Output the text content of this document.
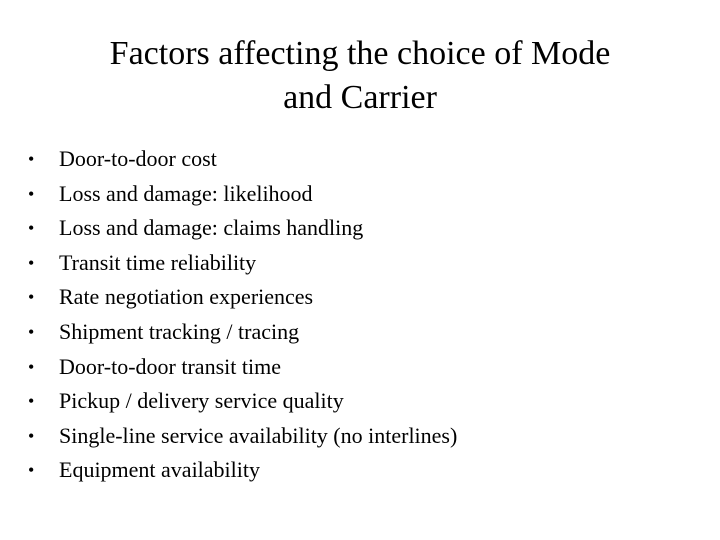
Factors affecting the choice of Mode
and Carrier
•	Door-to-door cost
•	Loss and damage: likelihood
•	Loss and damage: claims handling
•	Transit time reliability
•	Rate negotiation experiences
•	Shipment tracking / tracing
•	Door-to-door transit time
•	Pickup / delivery service quality
•	Single-line service availability (no interlines)
•	Equipment availability
